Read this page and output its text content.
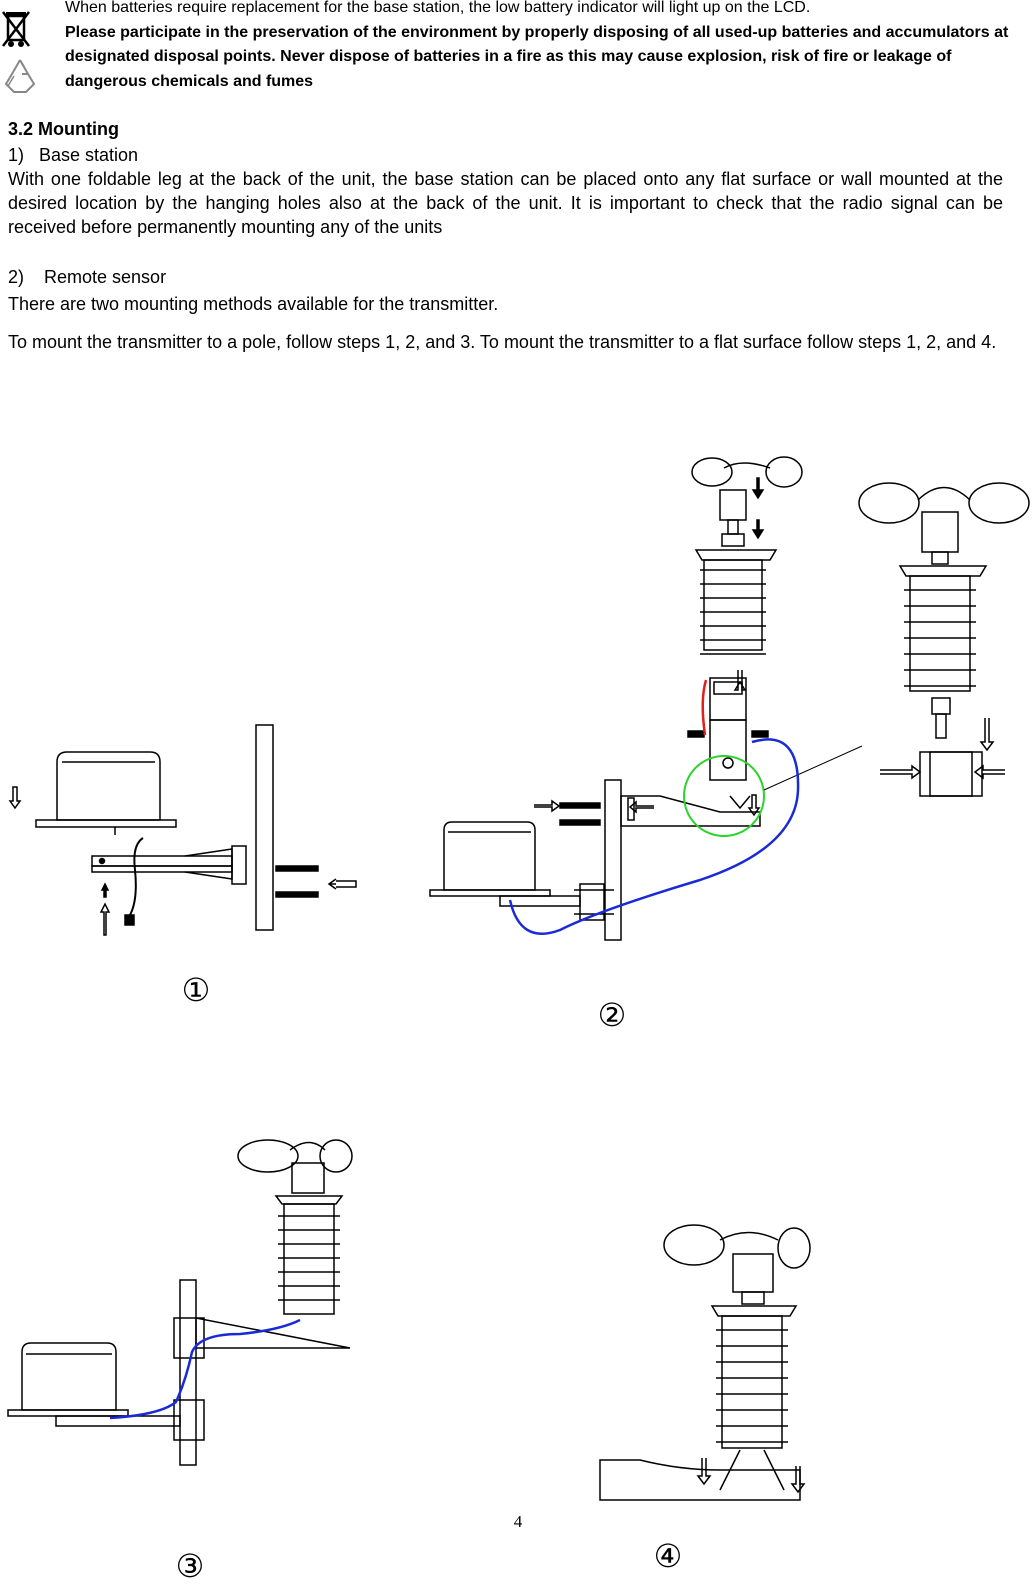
When batteries require replacement for the base station, the low battery indicator will light up on the LCD.
Please participate in the preservation of the environment by properly disposing of all used-up batteries and accumulators at designated disposal points. Never dispose of batteries in a fire as this may cause explosion, risk of fire or leakage of dangerous chemicals and fumes
3.2 Mounting
1)   Base station
With one foldable leg at the back of the unit, the base station can be placed onto any flat surface or wall mounted at the desired location by the hanging holes also at the back of the unit. It is important to check that the radio signal can be received before permanently mounting any of the units
2)    Remote sensor
There are two mounting methods available for the transmitter.
To mount the transmitter to a pole, follow steps 1, 2, and 3. To mount the transmitter to a flat surface follow steps 1, 2, and 4.
①
②
③	④
4
